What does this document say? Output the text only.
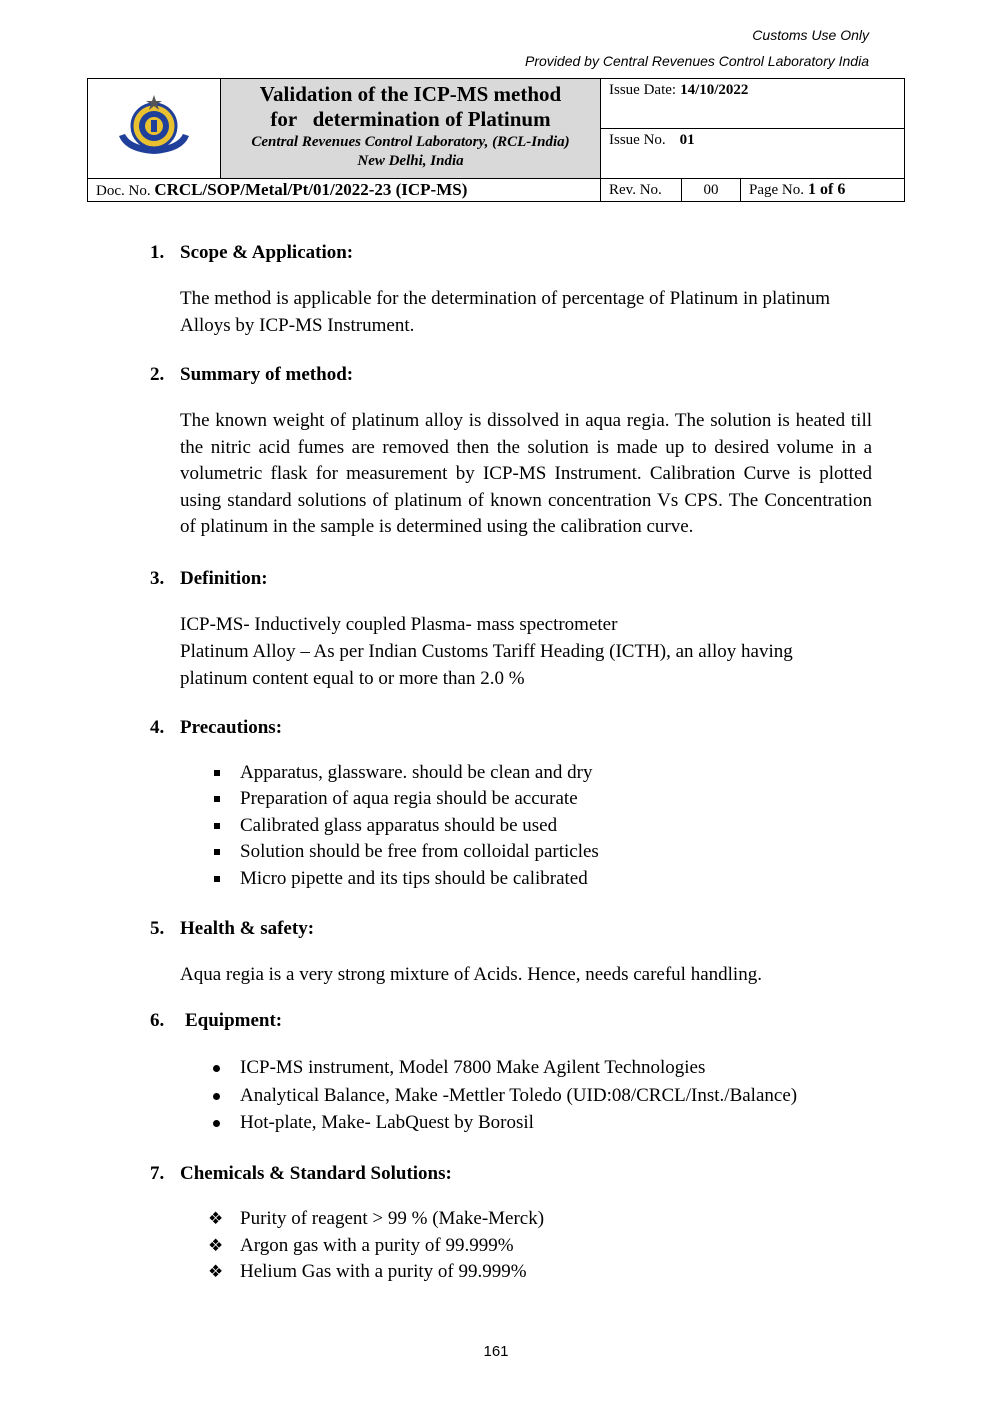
Customs Use Only
Provided by Central Revenues Control Laboratory India

Validation of the ICP-MS method
for   determination of Platinum
Central Revenues Control Laboratory, (RCL-India)
New Delhi, India	Issue Date: 14/10/2022		
		Issue No. 01		
Doc. No. CRCL/SOP/Metal/Pt/01/2022-23 (ICP-MS)		Rev. No.	00	Page No. 1 of 6
1. Scope & Application:
The method is applicable for the determination of percentage of Platinum in platinum Alloys by ICP-MS Instrument.
2. Summary of method:
The known weight of platinum alloy is dissolved in aqua regia. The solution is heated till the nitric acid fumes are removed then the solution is made up to desired volume in a volumetric flask for measurement by ICP-MS Instrument. Calibration Curve is plotted using standard solutions of platinum of known concentration Vs CPS. The Concentration of platinum in the sample is determined using the calibration curve.
3. Definition:
ICP-MS- Inductively coupled Plasma- mass spectrometer
Platinum Alloy – As per Indian Customs Tariff Heading (ICTH), an alloy having platinum content equal to or more than 2.0 %
4. Precautions:
Apparatus, glassware. should be clean and dry
Preparation of aqua regia should be accurate
Calibrated glass apparatus should be used
Solution should be free from colloidal particles
Micro pipette and its tips should be calibrated
5. Health & safety:
Aqua regia is a very strong mixture of Acids. Hence, needs careful handling.
6. Equipment:
ICP-MS instrument, Model 7800 Make Agilent Technologies
Analytical Balance, Make -Mettler Toledo (UID:08/CRCL/Inst./Balance)
Hot-plate, Make- LabQuest by Borosil
7. Chemicals & Standard Solutions:
❖ Purity of reagent > 99 % (Make-Merck)
❖ Argon gas with a purity of 99.999%
❖ Helium Gas with a purity of 99.999%
161
